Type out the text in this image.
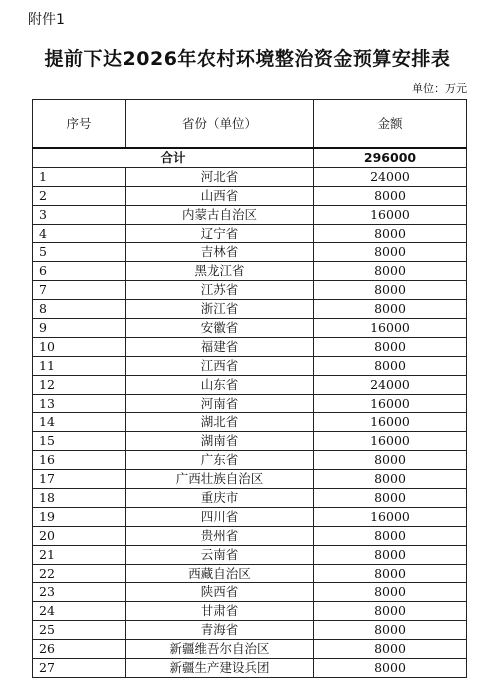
附件1
提前下达2026年农村环境整治资金预算安排表
单位：万元
序号	省份（单位）	金额
合计		296000
1	河北省	24000
2	山西省	8000
3	内蒙古自治区	16000
4	辽宁省	8000
5	吉林省	8000
6	黑龙江省	8000
7	江苏省	8000
8	浙江省	8000
9	安徽省	16000
10	福建省	8000
11	江西省	8000
12	山东省	24000
13	河南省	16000
14	湖北省	16000
15	湖南省	16000
16	广东省	8000
17	广西壮族自治区	8000
18	重庆市	8000
19	四川省	16000
20	贵州省	8000
21	云南省	8000
22	西藏自治区	8000
23	陕西省	8000
24	甘肃省	8000
25	青海省	8000
26	新疆维吾尔自治区	8000
27	新疆生产建设兵团	8000
